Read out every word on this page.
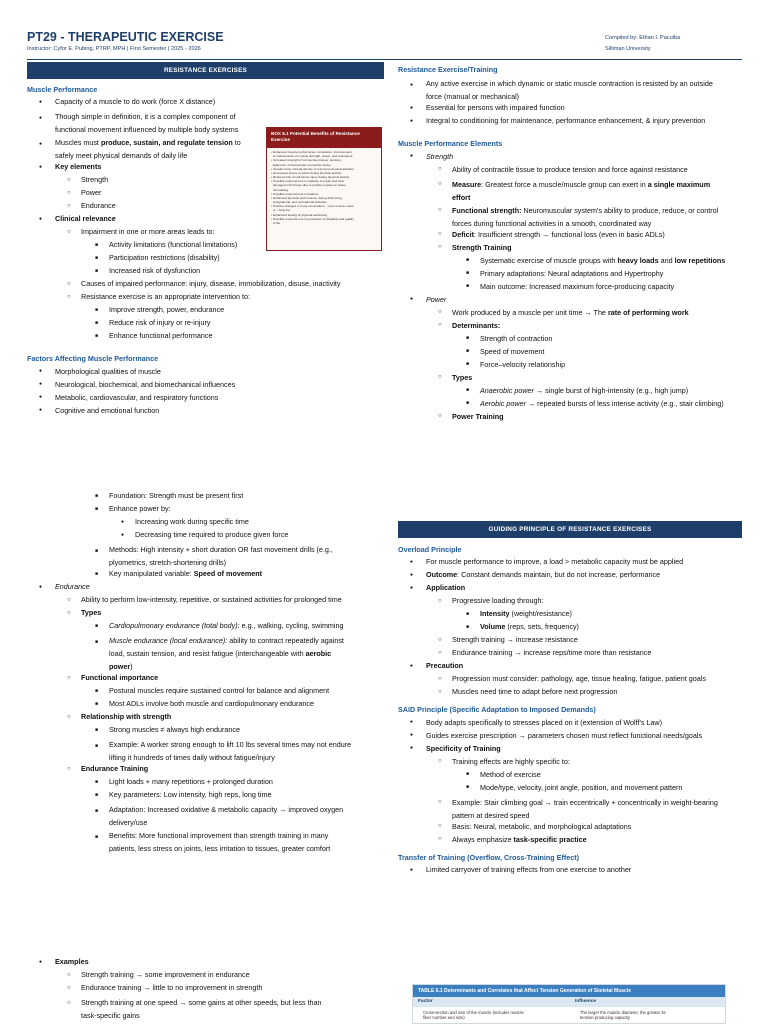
PT29 - THERAPEUTIC EXERCISE
Instructor: Cyfor E. Pubing, PTRP, MPH | First Semester | 2025 - 2026
Compiled by: Ethan I. Paculba
Silliman University
RESISTANCE EXERCISES
Muscle Performance
● Capacity of a muscle to do work (force X distance)
● Though simple in definition, it is a complex component of
functional movement influenced by multiple body systems
● Muscles must produce, sustain, and regulate tension to
safely meet physical demands of daily life
● Key elements
○ Strength
○ Power
○ Endurance
● Clinical relevance
○ Impairment in one or more areas leads to:
■ Activity limitations (functional limitations)
■ Participation restrictions (disability)
■ Increased risk of dysfunction
○ Causes of impaired performance: injury, disease, immobilization, disuse, inactivity
○ Resistance exercise is an appropriate intervention to:
■ Improve strength, power, endurance
■ Reduce risk of injury or re-injury
■ Enhance functional performance
Factors Affecting Muscle Performance
● Morphological qualities of muscle
● Neurological, biochemical, and biomechanical influences
● Metabolic, cardiovascular, and respiratory functions
● Cognitive and emotional function
BOX 6.1 Potential Benefits of Resistance Exercise
• Enhanced muscle performance: restoration, improvement
or maintenance of muscle strength, power, and endurance
• Increased strength of connective tissues: tendons,
ligaments, intramuscular connective tissue
• Greater bone mineral density or less bone demineralization
• Decreased stress on joints during physical activity
• Reduced risk of soft tissue injury during physical activity
• Possible improvement in capacity to repair and heal
damaged soft tissues due to positive impact on tissue
remodeling
• Possible improvement in balance
• Enhanced physical performance during daily living,
occupational, and recreational activities
• Positive changes in body composition: ↑ lean muscle mass
or ↓ body fat
• Enhanced feeling of physical well-being
• Possible improvement in perception of disability and quality
of life
■ Foundation: Strength must be present first
■ Enhance power by:
● Increasing work during specific time
● Decreasing time required to produce given force
■ Methods: High intensity + short duration OR fast movement drills (e.g.,
plyometrics, stretch-shortening drills)
■ Key manipulated variable: Speed of movement
● Endurance
○ Ability to perform low-intensity, repetitive, or sustained activities for prolonged time
○ Types
■ Cardiopulmonary endurance (total body): e.g., walking, cycling, swimming
■ Muscle endurance (local endurance): ability to contract repeatedly against
load, sustain tension, and resist fatigue (interchangeable with aerobic
power)
○ Functional importance
■ Postural muscles require sustained control for balance and alignment
■ Most ADLs involve both muscle and cardiopulmonary endurance
○ Relationship with strength
■ Strong muscles ≠ always high endurance
■ Example: A worker strong enough to lift 10 lbs several times may not endure
lifting it hundreds of times daily without fatigue/injury
○ Endurance Training
■ Light loads + many repetitions + prolonged duration
■ Key parameters: Low intensity, high reps, long time
■ Adaptation: Increased oxidative & metabolic capacity → improved oxygen
delivery/use
■ Benefits: More functional improvement than strength training in many
patients, less stress on joints, less irritation to tissues, greater comfort
● Examples
○ Strength training → some improvement in endurance
○ Endurance training → little to no improvement in strength
○ Strength training at one speed → some gains at other speeds, but less than
task-specific gains
Resistance Exercise/Training
● Any active exercise in which dynamic or static muscle contraction is resisted by an outside
force (manual or mechanical)
● Essential for persons with impaired function
● Integral to conditioning for maintenance, performance enhancement, & injury prevention
Muscle Performance Elements
● Strength
○ Ability of contractile tissue to produce tension and force against resistance
○ Measure: Greatest force a muscle/muscle group can exert in a single maximum
effort
○ Functional strength: Neuromuscular system's ability to produce, reduce, or control
forces during functional activities in a smooth, coordinated way
○ Deficit: Insufficient strength → functional loss (even in basic ADLs)
○ Strength Training
■ Systematic exercise of muscle groups with heavy loads and low repetitions
■ Primary adaptations: Neural adaptations and Hypertrophy
■ Main outcome: Increased maximum force-producing capacity
● Power
○ Work produced by a muscle per unit time → The rate of performing work
○ Determinants:
■ Strength of contraction
■ Speed of movement
■ Force–velocity relationship
○ Types
■ Anaerobic power → single burst of high-intensity (e.g., high jump)
■ Aerobic power → repeated bursts of less intense activity (e.g., stair climbing)
○ Power Training
GUIDING PRINCIPLE OF RESISTANCE EXERCISES
Overload Principle
● For muscle performance to improve, a load > metabolic capacity must be applied
● Outcome: Constant demands maintain, but do not increase, performance
● Application
○ Progressive loading through:
■ Intensity (weight/resistance)
■ Volume (reps, sets, frequency)
○ Strength training → increase resistance
○ Endurance training → increase reps/time more than resistance
● Precaution
○ Progression must consider: pathology, age, tissue healing, fatigue, patient goals
○ Muscles need time to adapt before next progression
SAID Principle (Specific Adaptation to Imposed Demands)
● Body adapts specifically to stresses placed on it (extension of Wolff's Law)
● Guides exercise prescription → parameters chosen must reflect functional needs/goals
● Specificity of Training
○ Training effects are highly specific to:
■ Method of exercise
■ Mode/type, velocity, joint angle, position, and movement pattern
○ Example: Stair climbing goal → train eccentrically + concentrically in weight-bearing
pattern at desired speed
○ Basis: Neural, metabolic, and morphological adaptations
○ Always emphasize task-specific practice
Transfer of Training (Overflow, Cross-Training Effect)
● Limited carryover of training effects from one exercise to another
TABLE 6.1 Determinants and Correlates that Affect Tension Generation of Skeletal Muscle
Factor	Influence
Cross-section and size of the muscle (includes muscle
fiber number and size)
The larger the muscle diameter, the greater its
tension-producing capacity
